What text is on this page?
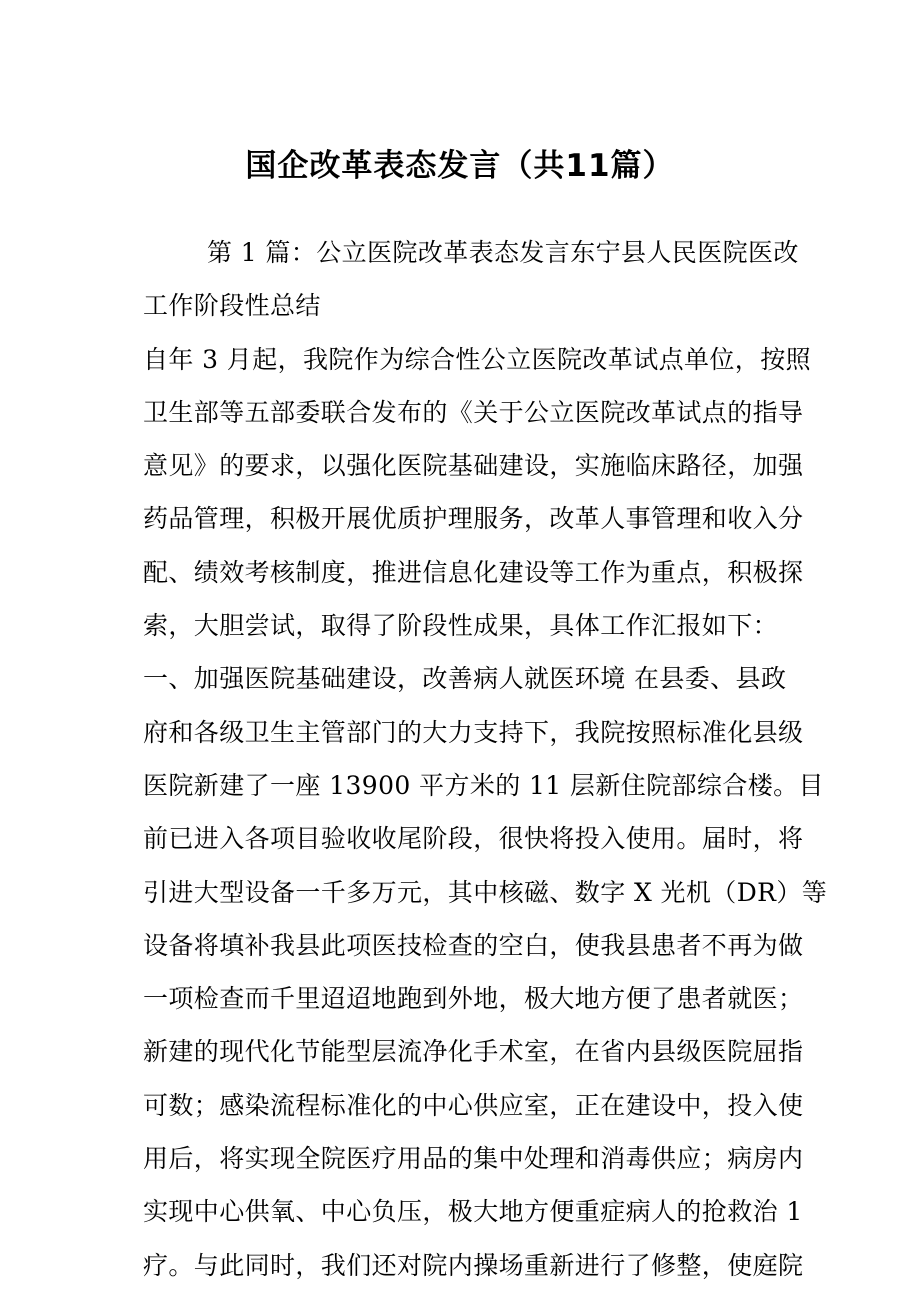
国企改革表态发言（共11篇）
第 1 篇：公立医院改革表态发言东宁县人民医院医改
工作阶段性总结
自年 3 月起，我院作为综合性公立医院改革试点单位，按照
卫生部等五部委联合发布的《关于公立医院改革试点的指导
意见》的要求，以强化医院基础建设，实施临床路径，加强
药品管理，积极开展优质护理服务，改革人事管理和收入分
配、绩效考核制度，推进信息化建设等工作为重点，积极探
索，大胆尝试，取得了阶段性成果，具体工作汇报如下：
一、加强医院基础建设，改善病人就医环境 在县委、县政
府和各级卫生主管部门的大力支持下，我院按照标准化县级
医院新建了一座 13900 平方米的 11 层新住院部综合楼。目
前已进入各项目验收收尾阶段，很快将投入使用。届时，将
引进大型设备一千多万元，其中核磁、数字 X 光机（DR）等
设备将填补我县此项医技检查的空白，使我县患者不再为做
一项检查而千里迢迢地跑到外地，极大地方便了患者就医；
新建的现代化节能型层流净化手术室，在省内县级医院屈指
可数；感染流程标准化的中心供应室，正在建设中，投入使
用后，将实现全院医疗用品的集中处理和消毒供应；病房内
实现中心供氧、中心负压，极大地方便重症病人的抢救治 1
疗。与此同时，我们还对院内操场重新进行了修整，使庭院
